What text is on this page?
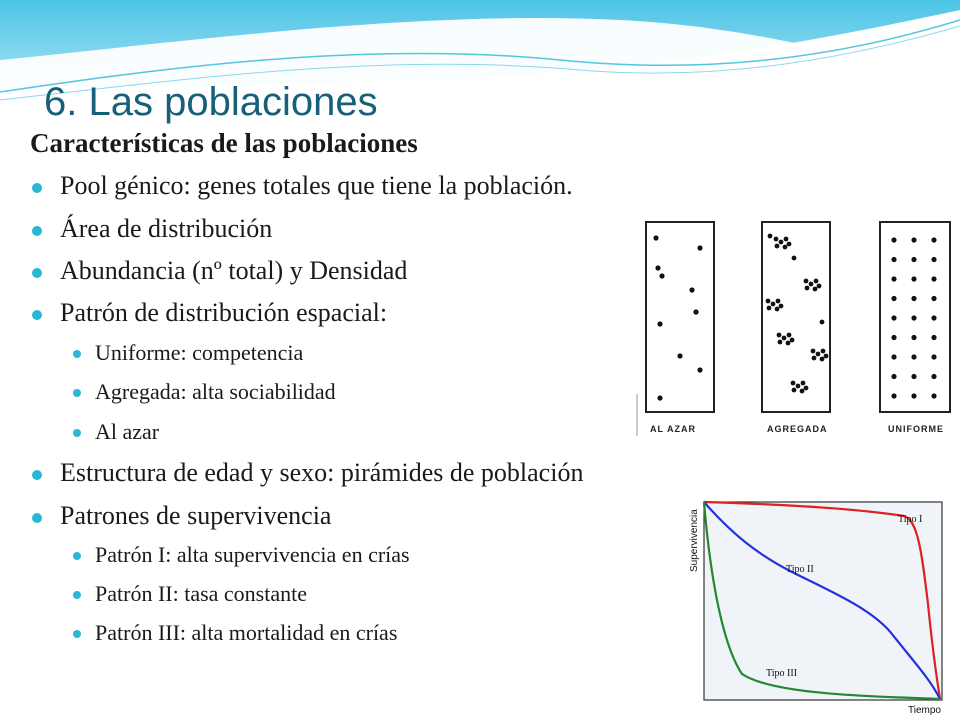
6. Las poblaciones
Características de las poblaciones
Pool génico: genes totales que tiene la población.
Área de distribución
Abundancia (nº total) y Densidad
Patrón de distribución espacial:
Uniforme: competencia
Agregada: alta sociabilidad
Al azar
Estructura de edad y sexo: pirámides de población
Patrones de supervivencia
Patrón I: alta supervivencia en crías
Patrón II: tasa constante
Patrón III: alta mortalidad en crías
AL AZAR	AGREGADA	UNIFORME
Tipo I
Tipo II
Tipo III
Supervivencia
Tiempo
